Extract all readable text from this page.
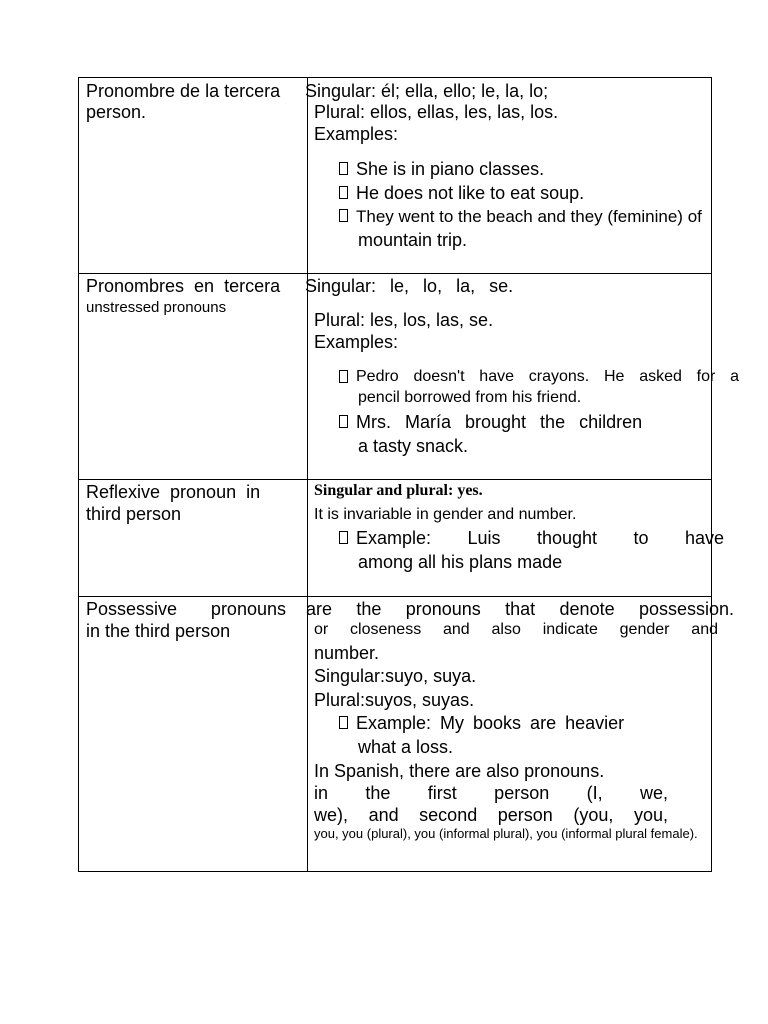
Pronombre de la tercera
person.
Singular: él; ella, ello; le, la, lo;
Plural: ellos, ellas, les, las, los.
Examples:
She is in piano classes.
He does not like to eat soup.
They went to the beach and they (feminine) of
mountain trip.
Pronombres en tercera
unstressed pronouns
Singular: le, lo, la, se.
Plural: les, los, las, se.
Examples:
Pedro doesn't have crayons. He asked for a
pencil borrowed from his friend.
Mrs. María brought the children
a tasty snack.
Reflexive pronoun in
third person
Singular and plural: yes.
It is invariable in gender and number.
Example: Luis thought to have
among all his plans made
Possessive pronouns
in the third person
are the pronouns that denote possession.
or closeness and also indicate gender and
number.
Singular:suyo, suya.
Plural:suyos, suyas.
Example: My books are heavier
what a loss.
In Spanish, there are also pronouns.
in the first person (I, we,
we), and second person (you, you,
you, you (plural), you (informal plural), you (informal plural female).
